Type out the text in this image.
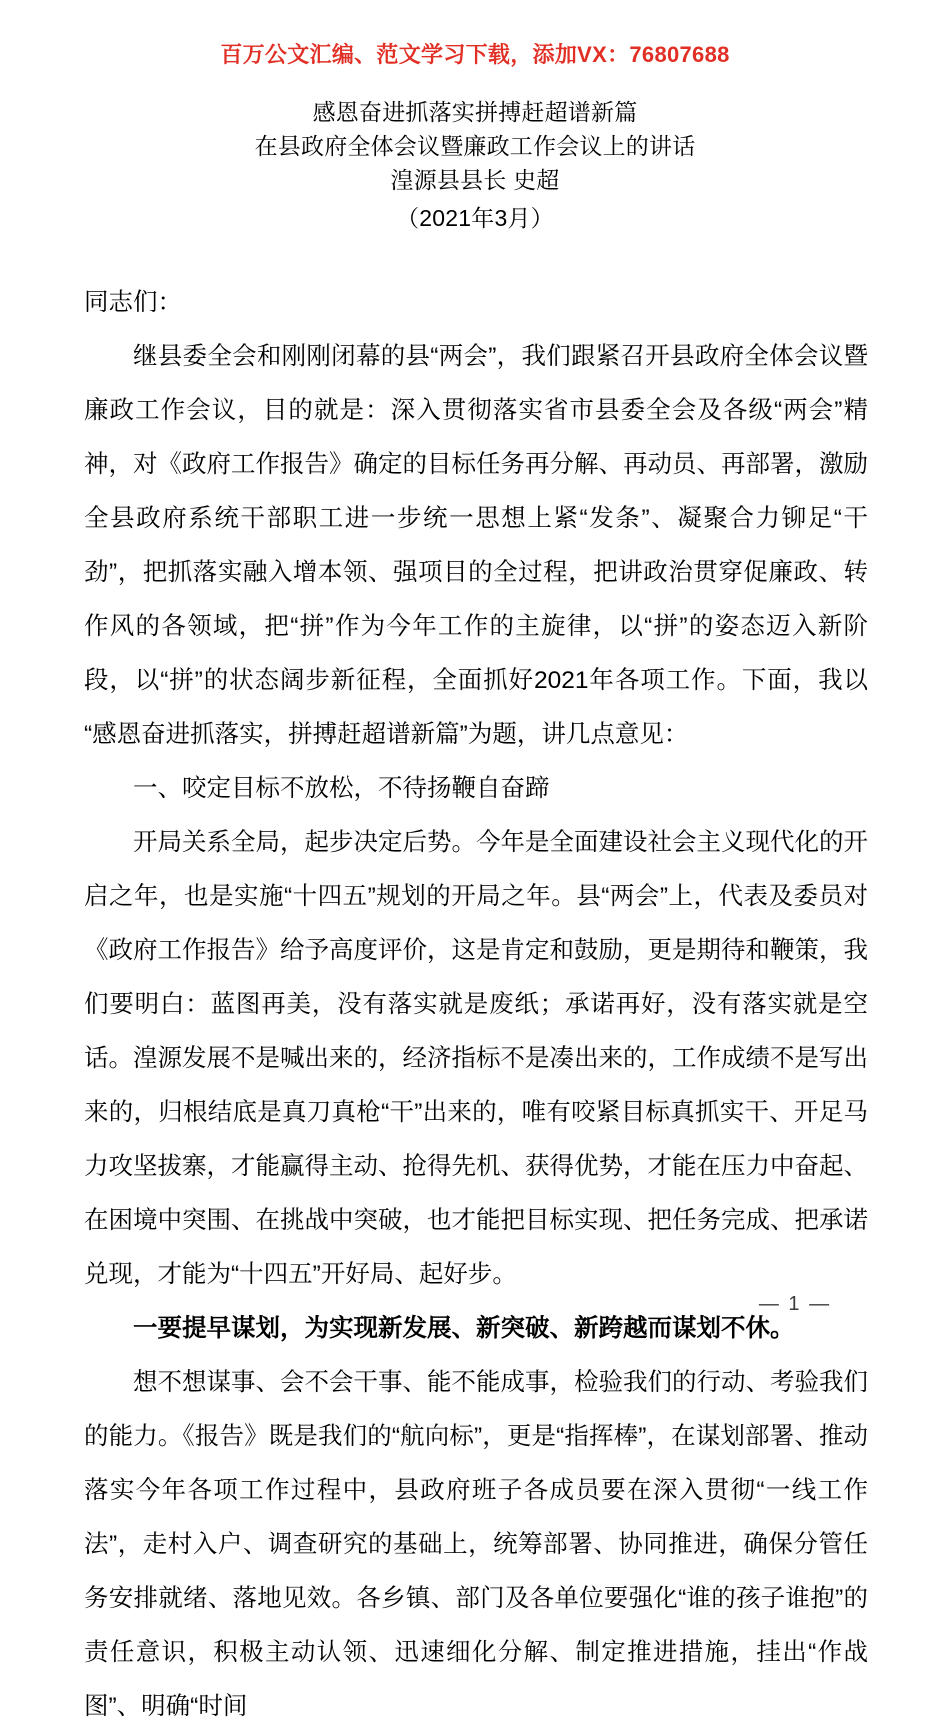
百万公文汇编、范文学习下载，添加VX：76807688
感恩奋进抓落实拼搏赶超谱新篇
在县政府全体会议暨廉政工作会议上的讲话
湟源县县长 史超
（2021年3月）

同志们：

继县委全会和刚刚闭幕的县“两会”，我们跟紧召开县政府全体会议暨廉政工作会议，目的就是：深入贯彻落实省市县委全会及各级“两会”精神，对《政府工作报告》确定的目标任务再分解、再动员、再部署，激励全县政府系统干部职工进一步统一思想上紧“发条”、凝聚合力铆足“干劲”，把抓落实融入增本领、强项目的全过程，把讲政治贯穿促廉政、转作风的各领域，把“拼”作为今年工作的主旋律，以“拼”的姿态迈入新阶段，以“拼”的状态阔步新征程，全面抓好2021年各项工作。下面，我以“感恩奋进抓落实，拼搏赶超谱新篇”为题，讲几点意见：

一、咬定目标不放松，不待扬鞭自奋蹄

开局关系全局，起步决定后势。今年是全面建设社会主义现代化的开启之年，也是实施“十四五”规划的开局之年。县“两会”上，代表及委员对《政府工作报告》给予高度评价，这是肯定和鼓励，更是期待和鞭策，我们要明白：蓝图再美，没有落实就是废纸；承诺再好，没有落实就是空话。湟源发展不是喊出来的，经济指标不是凑出来的，工作成绩不是写出来的，归根结底是真刀真枪“干”出来的，唯有咬紧目标真抓实干、开足马力攻坚拔寨，才能赢得主动、抢得先机、获得优势，才能在压力中奋起、在困境中突围、在挑战中突破，也才能把目标实现、把任务完成、把承诺兑现，才能为“十四五”开好局、起好步。

一要提早谋划，为实现新发展、新突破、新跨越而谋划不休。

想不想谋事、会不会干事、能不能成事，检验我们的行动、考验我们的能力。《报告》既是我们的“航向标”，更是“指挥棒”，在谋划部署、推动落实今年各项工作过程中，县政府班子各成员要在深入贯彻“一线工作法”，走村入户、调查研究的基础上，统筹部署、协同推进，确保分管任务安排就绪、落地见效。各乡镇、部门及各单位要强化“谁的孩子谁抱”的责任意识，积极主动认领、迅速细化分解、制定推进措施，挂出“作战图”、明确“时间

— 1 —
